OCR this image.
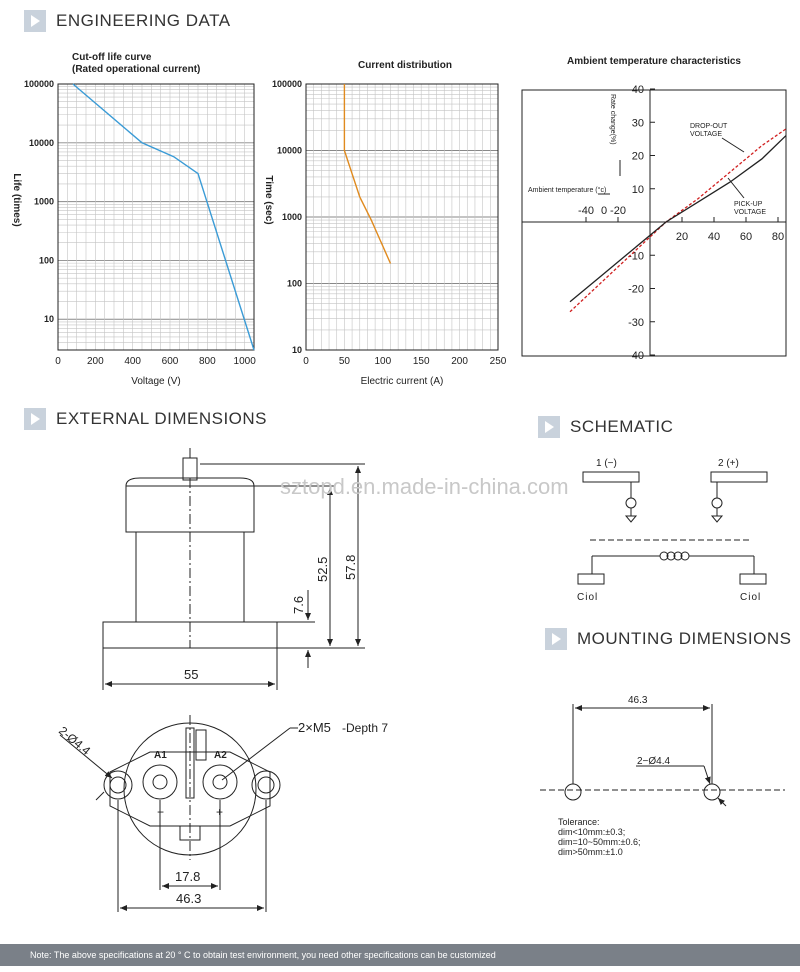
ENGINEERING DATA
EXTERNAL DIMENSIONS	SCHEMATIC
MOUNTING DIMENSIONS
0	200 400 600 800 1000
100000
10000
1000
100
10
Cut-off life curve
(Rated operational current)
Voltage (V)
Life (times)
0	50 100 150 200 250
100000
10000
1000
100
10
Current distribution
Electric current (A)
Time (sec)
40
30
20
10
-10
-20
-30
-40
-40 -20
20 40 60 80
0
Ambient temperature characteristics
Ambient temperature (°c)
Rate change(%)	DROP-OUT
VOLTAGE
PICK-UP
VOLTAGE
57.8
52.5
7.6
55
2×M5 -Depth 7
2-Ø4.4	A1	A2
−	+
17.8
46.3
1 (−)	2 (+)
Ciol	Ciol
46.3
2−Ø4.4
Tolerance:
dim<10mm:±0.3;
dim=10~50mm:±0.6;
dim>50mm:±1.0
sztopd.en.made-in-china.com
Note: The above specifications at 20 ° C to obtain test environment, you need other specifications can be customized
